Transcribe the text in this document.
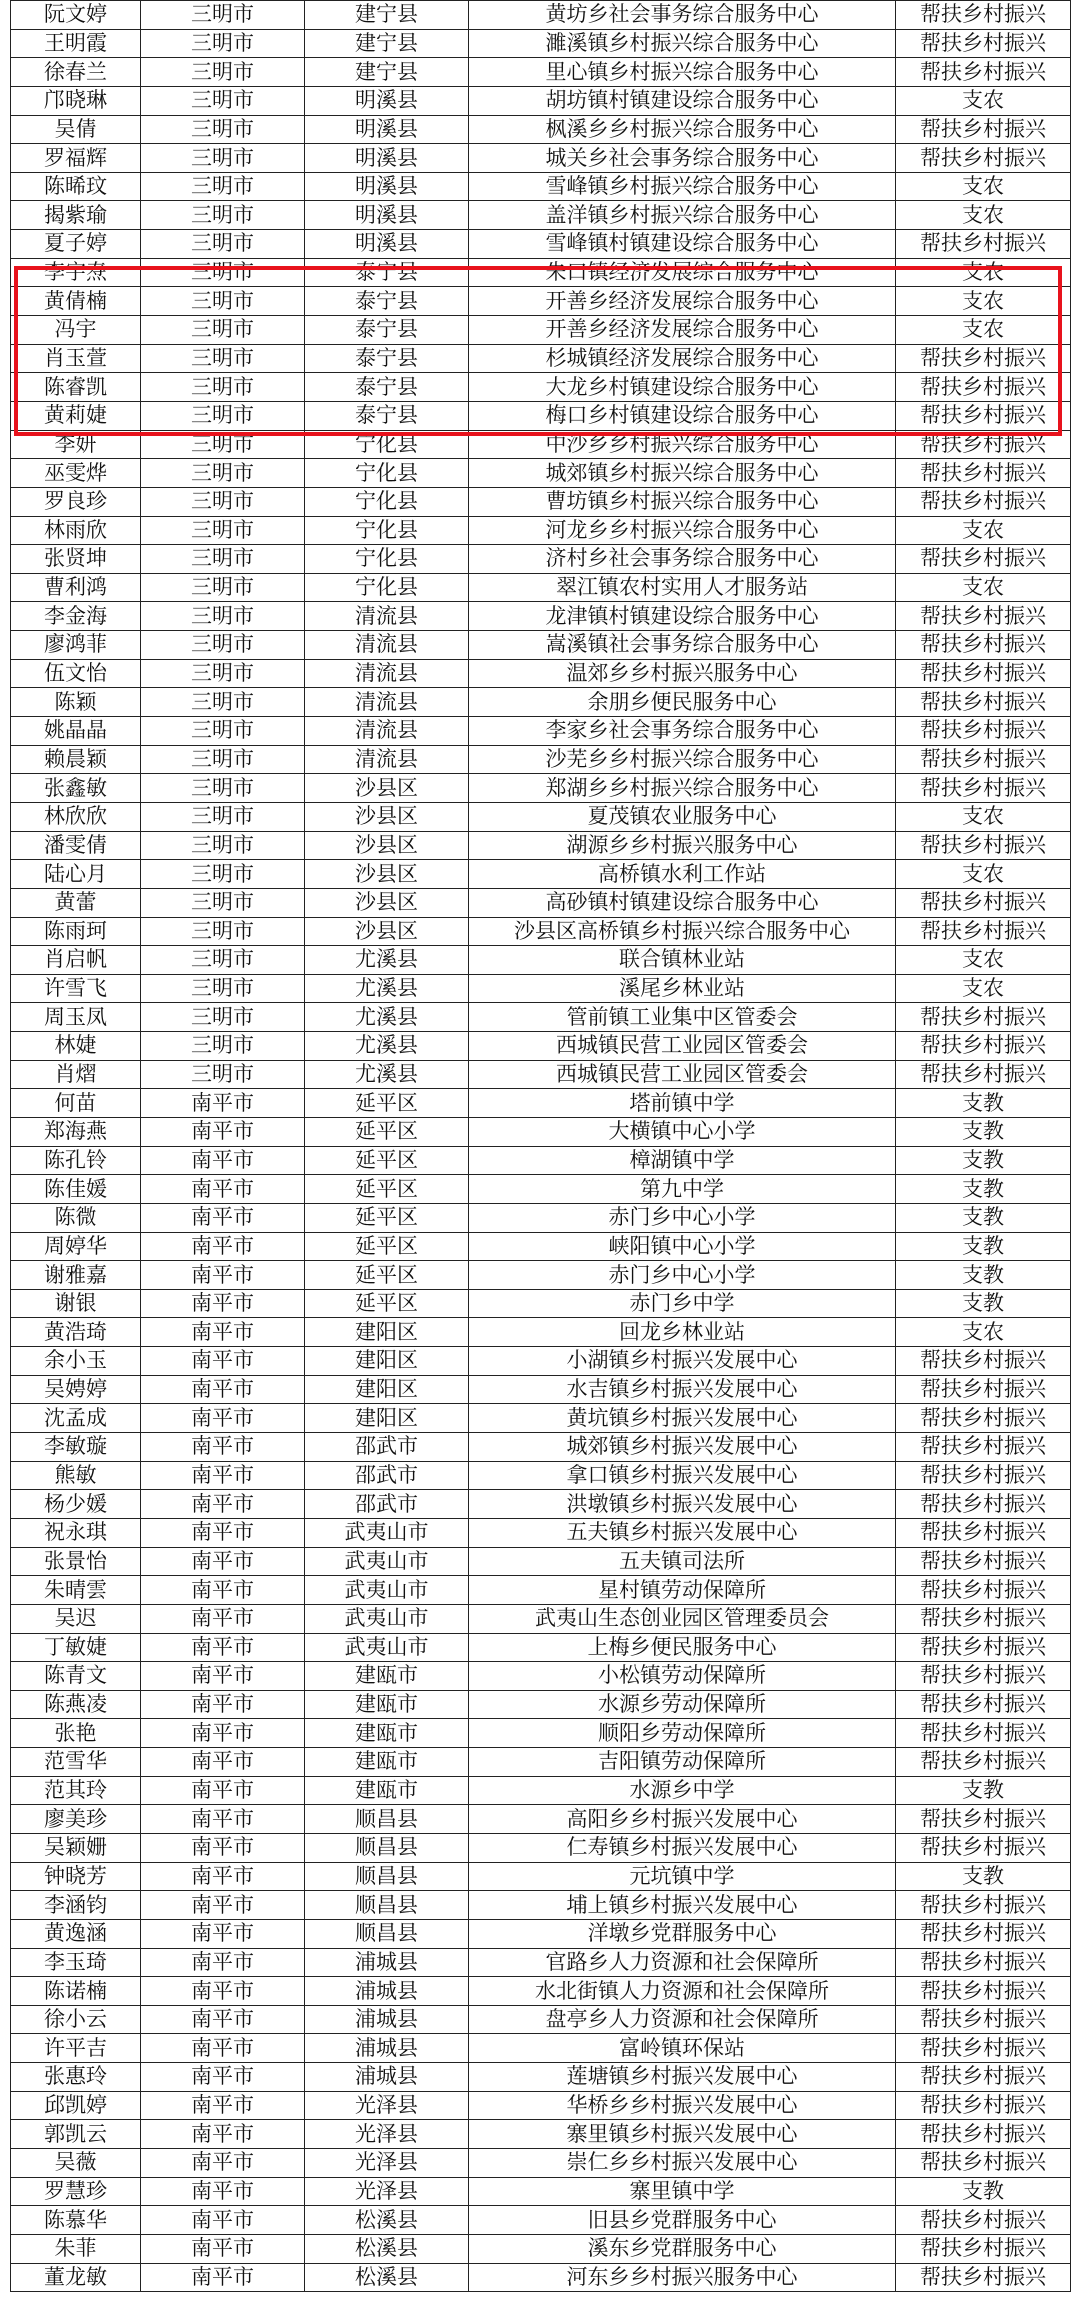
阮文婷	三明市	建宁县	黄坊乡社会事务综合服务中心	帮扶乡村振兴
王明霞	三明市	建宁县	濉溪镇乡村振兴综合服务中心	帮扶乡村振兴
徐春兰	三明市	建宁县	里心镇乡村振兴综合服务中心	帮扶乡村振兴
邝晓琳	三明市	明溪县	胡坊镇村镇建设综合服务中心	支农
吴倩	三明市	明溪县	枫溪乡乡村振兴综合服务中心	帮扶乡村振兴
罗福辉	三明市	明溪县	城关乡社会事务综合服务中心	帮扶乡村振兴
陈晞玟	三明市	明溪县	雪峰镇乡村振兴综合服务中心	支农
揭紫瑜	三明市	明溪县	盖洋镇乡村振兴综合服务中心	支农
夏子婷	三明市	明溪县	雪峰镇村镇建设综合服务中心	帮扶乡村振兴
李宇焘	三明市	泰宁县	朱口镇经济发展综合服务中心	支农
黄倩楠	三明市	泰宁县	开善乡经济发展综合服务中心	支农
冯宇	三明市	泰宁县	开善乡经济发展综合服务中心	支农
肖玉萱	三明市	泰宁县	杉城镇经济发展综合服务中心	帮扶乡村振兴
陈睿凯	三明市	泰宁县	大龙乡村镇建设综合服务中心	帮扶乡村振兴
黄莉婕	三明市	泰宁县	梅口乡村镇建设综合服务中心	帮扶乡村振兴
李妍	三明市	宁化县	中沙乡乡村振兴综合服务中心	帮扶乡村振兴
巫雯烨	三明市	宁化县	城郊镇乡村振兴综合服务中心	帮扶乡村振兴
罗良珍	三明市	宁化县	曹坊镇乡村振兴综合服务中心	帮扶乡村振兴
林雨欣	三明市	宁化县	河龙乡乡村振兴综合服务中心	支农
张贤坤	三明市	宁化县	济村乡社会事务综合服务中心	帮扶乡村振兴
曹利鸿	三明市	宁化县	翠江镇农村实用人才服务站	支农
李金海	三明市	清流县	龙津镇村镇建设综合服务中心	帮扶乡村振兴
廖鸿菲	三明市	清流县	嵩溪镇社会事务综合服务中心	帮扶乡村振兴
伍文怡	三明市	清流县	温郊乡乡村振兴服务中心	帮扶乡村振兴
陈颖	三明市	清流县	余朋乡便民服务中心	帮扶乡村振兴
姚晶晶	三明市	清流县	李家乡社会事务综合服务中心	帮扶乡村振兴
赖晨颖	三明市	清流县	沙芜乡乡村振兴综合服务中心	帮扶乡村振兴
张鑫敏	三明市	沙县区	郑湖乡乡村振兴综合服务中心	帮扶乡村振兴
林欣欣	三明市	沙县区	夏茂镇农业服务中心	支农
潘雯倩	三明市	沙县区	湖源乡乡村振兴服务中心	帮扶乡村振兴
陆心月	三明市	沙县区	高桥镇水利工作站	支农
黄蕾	三明市	沙县区	高砂镇村镇建设综合服务中心	帮扶乡村振兴
陈雨珂	三明市	沙县区	沙县区高桥镇乡村振兴综合服务中心	帮扶乡村振兴
肖启帆	三明市	尤溪县	联合镇林业站	支农
许雪飞	三明市	尤溪县	溪尾乡林业站	支农
周玉凤	三明市	尤溪县	管前镇工业集中区管委会	帮扶乡村振兴
林婕	三明市	尤溪县	西城镇民营工业园区管委会	帮扶乡村振兴
肖熠	三明市	尤溪县	西城镇民营工业园区管委会	帮扶乡村振兴
何苗	南平市	延平区	塔前镇中学	支教
郑海燕	南平市	延平区	大横镇中心小学	支教
陈孔铃	南平市	延平区	樟湖镇中学	支教
陈佳媛	南平市	延平区	第九中学	支教
陈微	南平市	延平区	赤门乡中心小学	支教
周婷华	南平市	延平区	峡阳镇中心小学	支教
谢雅嘉	南平市	延平区	赤门乡中心小学	支教
谢银	南平市	延平区	赤门乡中学	支教
黄浩琦	南平市	建阳区	回龙乡林业站	支农
余小玉	南平市	建阳区	小湖镇乡村振兴发展中心	帮扶乡村振兴
吴娉婷	南平市	建阳区	水吉镇乡村振兴发展中心	帮扶乡村振兴
沈孟成	南平市	建阳区	黄坑镇乡村振兴发展中心	帮扶乡村振兴
李敏璇	南平市	邵武市	城郊镇乡村振兴发展中心	帮扶乡村振兴
熊敏	南平市	邵武市	拿口镇乡村振兴发展中心	帮扶乡村振兴
杨少媛	南平市	邵武市	洪墩镇乡村振兴发展中心	帮扶乡村振兴
祝永琪	南平市	武夷山市	五夫镇乡村振兴发展中心	帮扶乡村振兴
张景怡	南平市	武夷山市	五夫镇司法所	帮扶乡村振兴
朱晴雲	南平市	武夷山市	星村镇劳动保障所	帮扶乡村振兴
吴迟	南平市	武夷山市	武夷山生态创业园区管理委员会	帮扶乡村振兴
丁敏婕	南平市	武夷山市	上梅乡便民服务中心	帮扶乡村振兴
陈青文	南平市	建瓯市	小松镇劳动保障所	帮扶乡村振兴
陈燕凌	南平市	建瓯市	水源乡劳动保障所	帮扶乡村振兴
张艳	南平市	建瓯市	顺阳乡劳动保障所	帮扶乡村振兴
范雪华	南平市	建瓯市	吉阳镇劳动保障所	帮扶乡村振兴
范其玲	南平市	建瓯市	水源乡中学	支教
廖美珍	南平市	顺昌县	高阳乡乡村振兴发展中心	帮扶乡村振兴
吴颖姗	南平市	顺昌县	仁寿镇乡村振兴发展中心	帮扶乡村振兴
钟晓芳	南平市	顺昌县	元坑镇中学	支教
李涵钧	南平市	顺昌县	埔上镇乡村振兴发展中心	帮扶乡村振兴
黄逸涵	南平市	顺昌县	洋墩乡党群服务中心	帮扶乡村振兴
李玉琦	南平市	浦城县	官路乡人力资源和社会保障所	帮扶乡村振兴
陈诺楠	南平市	浦城县	水北街镇人力资源和社会保障所	帮扶乡村振兴
徐小云	南平市	浦城县	盘亭乡人力资源和社会保障所	帮扶乡村振兴
许平吉	南平市	浦城县	富岭镇环保站	帮扶乡村振兴
张惠玲	南平市	浦城县	莲塘镇乡村振兴发展中心	帮扶乡村振兴
邱凯婷	南平市	光泽县	华桥乡乡村振兴发展中心	帮扶乡村振兴
郭凯云	南平市	光泽县	寨里镇乡村振兴发展中心	帮扶乡村振兴
吴薇	南平市	光泽县	崇仁乡乡村振兴发展中心	帮扶乡村振兴
罗慧珍	南平市	光泽县	寨里镇中学	支教
陈慕华	南平市	松溪县	旧县乡党群服务中心	帮扶乡村振兴
朱菲	南平市	松溪县	溪东乡党群服务中心	帮扶乡村振兴
董龙敏	南平市	松溪县	河东乡乡村振兴服务中心	帮扶乡村振兴
